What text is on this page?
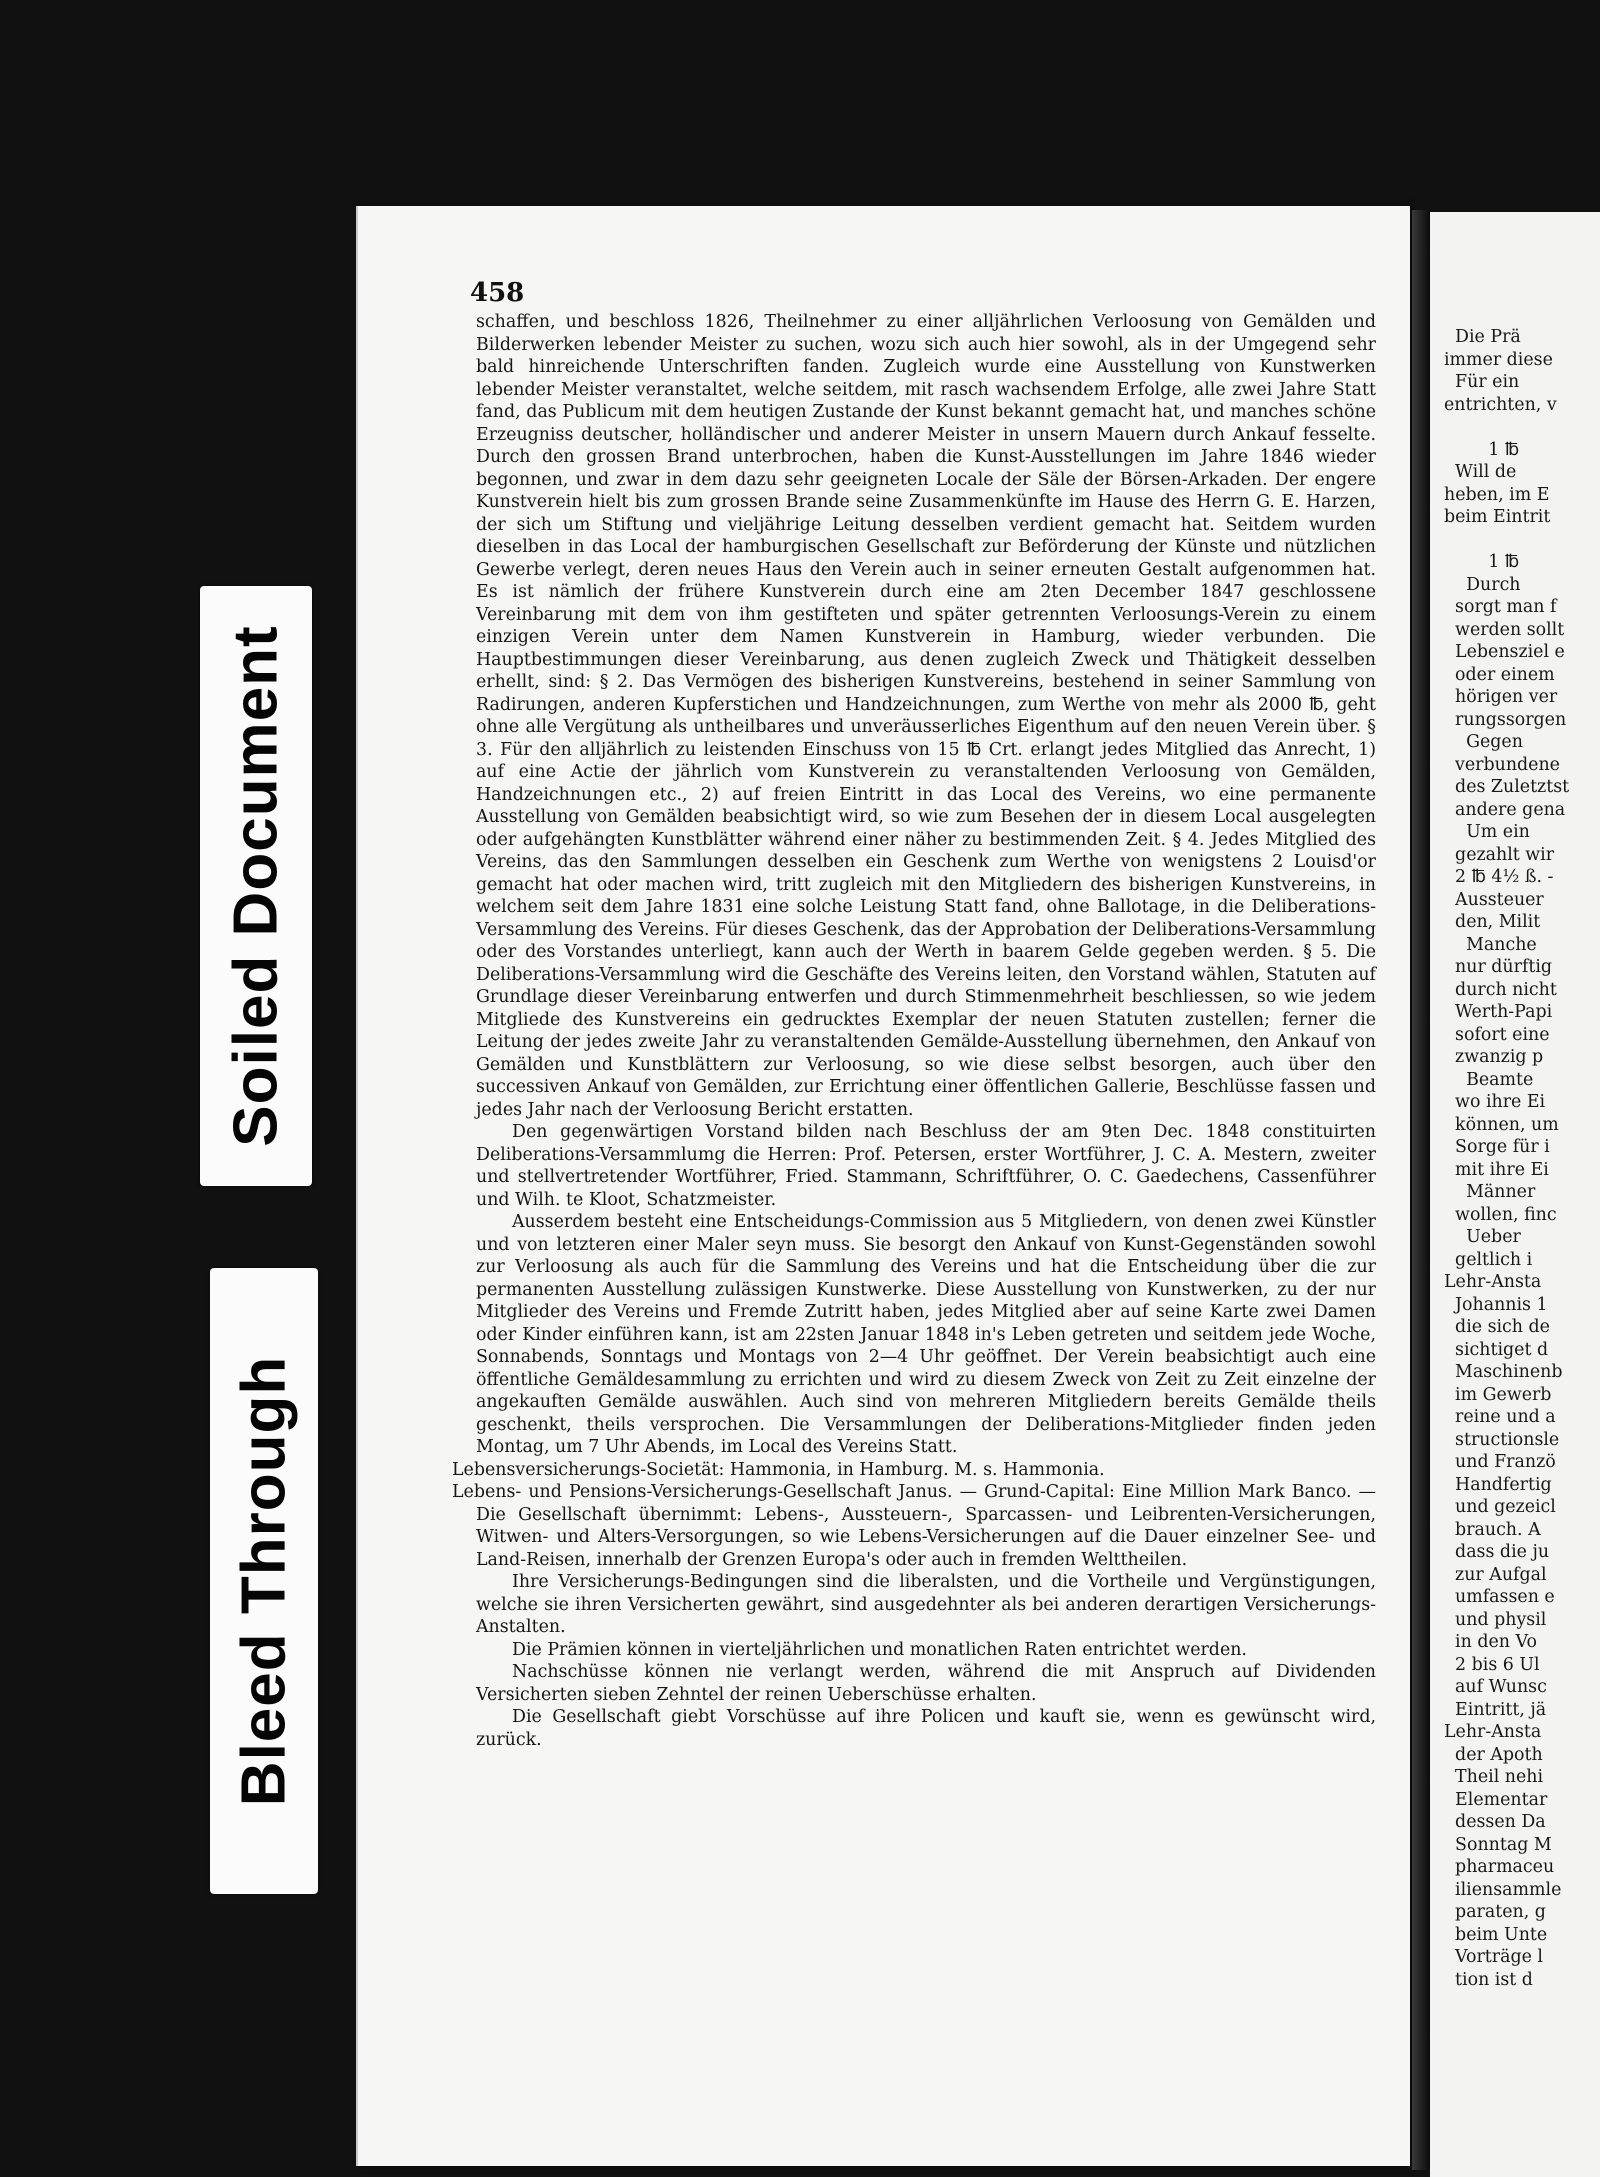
Soiled Document
Bleed Through
458

schaffen, und beschloss 1826, Theilnehmer zu einer alljährlichen Verloosung von Gemälden und Bilderwerken lebender Meister zu suchen, wozu sich auch hier sowohl, als in der Umgegend sehr bald hinreichende Unterschriften fanden. Zugleich wurde eine Ausstellung von Kunstwerken lebender Meister veranstaltet, welche seitdem, mit rasch wachsendem Erfolge, alle zwei Jahre Statt fand, das Publicum mit dem heutigen Zustande der Kunst bekannt gemacht hat, und manches schöne Erzeugniss deutscher, holländischer und anderer Meister in unsern Mauern durch Ankauf fesselte. Durch den grossen Brand unterbrochen, haben die Kunst-Ausstellungen im Jahre 1846 wieder begonnen, und zwar in dem dazu sehr geeigneten Locale der Säle der Börsen-Arkaden. Der engere Kunstverein hielt bis zum grossen Brande seine Zusammenkünfte im Hause des Herrn G. E. Harzen, der sich um Stiftung und vieljährige Leitung desselben verdient gemacht hat. Seitdem wurden dieselben in das Local der hamburgischen Gesellschaft zur Beförderung der Künste und nützlichen Gewerbe verlegt, deren neues Haus den Verein auch in seiner erneuten Gestalt aufgenommen hat. Es ist nämlich der frühere Kunstverein durch eine am 2ten December 1847 geschlossene Vereinbarung mit dem von ihm gestifteten und später getrennten Verloosungs-Verein zu einem einzigen Verein unter dem Namen Kunstverein in Hamburg, wieder verbunden. Die Hauptbestimmungen dieser Vereinbarung, aus denen zugleich Zweck und Thätigkeit desselben erhellt, sind: § 2. Das Vermögen des bisherigen Kunstvereins, bestehend in seiner Sammlung von Radirungen, anderen Kupferstichen und Handzeichnungen, zum Werthe von mehr als 2000 ℔, geht ohne alle Vergütung als untheilbares und unveräusserliches Eigenthum auf den neuen Verein über. § 3. Für den alljährlich zu leistenden Einschuss von 15 ℔ Crt. erlangt jedes Mitglied das Anrecht, 1) auf eine Actie der jährlich vom Kunstverein zu veranstaltenden Verloosung von Gemälden, Handzeichnungen etc., 2) auf freien Eintritt in das Local des Vereins, wo eine permanente Ausstellung von Gemälden beabsichtigt wird, so wie zum Besehen der in diesem Local ausgelegten oder aufgehängten Kunstblätter während einer näher zu bestimmenden Zeit. § 4. Jedes Mitglied des Vereins, das den Sammlungen desselben ein Geschenk zum Werthe von wenigstens 2 Louisd'or gemacht hat oder machen wird, tritt zugleich mit den Mitgliedern des bisherigen Kunstvereins, in welchem seit dem Jahre 1831 eine solche Leistung Statt fand, ohne Ballotage, in die Deliberations-Versammlung des Vereins. Für dieses Geschenk, das der Approbation der Deliberations-Versammlung oder des Vorstandes unterliegt, kann auch der Werth in baarem Gelde gegeben werden. § 5. Die Deliberations-Versammlung wird die Geschäfte des Vereins leiten, den Vorstand wählen, Statuten auf Grundlage dieser Vereinbarung entwerfen und durch Stimmenmehrheit beschliessen, so wie jedem Mitgliede des Kunstvereins ein gedrucktes Exemplar der neuen Statuten zustellen; ferner die Leitung der jedes zweite Jahr zu veranstaltenden Gemälde-Ausstellung übernehmen, den Ankauf von Gemälden und Kunstblättern zur Verloosung, so wie diese selbst besorgen, auch über den successiven Ankauf von Gemälden, zur Errichtung einer öffentlichen Gallerie, Beschlüsse fassen und jedes Jahr nach der Verloosung Bericht erstatten.

Den gegenwärtigen Vorstand bilden nach Beschluss der am 9ten Dec. 1848 constituirten Deliberations-Versammlumg die Herren: Prof. Petersen, erster Wortführer, J. C. A. Mestern, zweiter und stellvertretender Wortführer, Fried. Stammann, Schriftführer, O. C. Gaedechens, Cassenführer und Wilh. te Kloot, Schatzmeister.

Ausserdem besteht eine Entscheidungs-Commission aus 5 Mitgliedern, von denen zwei Künstler und von letzteren einer Maler seyn muss. Sie besorgt den Ankauf von Kunst-Gegenständen sowohl zur Verloosung als auch für die Sammlung des Vereins und hat die Entscheidung über die zur permanenten Ausstellung zulässigen Kunstwerke. Diese Ausstellung von Kunstwerken, zu der nur Mitglieder des Vereins und Fremde Zutritt haben, jedes Mitglied aber auf seine Karte zwei Damen oder Kinder einführen kann, ist am 22sten Januar 1848 in's Leben getreten und seitdem jede Woche, Sonnabends, Sonntags und Montags von 2—4 Uhr geöffnet. Der Verein beabsichtigt auch eine öffentliche Gemäldesammlung zu errichten und wird zu diesem Zweck von Zeit zu Zeit einzelne der angekauften Gemälde auswählen. Auch sind von mehreren Mitgliedern bereits Gemälde theils geschenkt, theils versprochen. Die Versammlungen der Deliberations-Mitglieder finden jeden Montag, um 7 Uhr Abends, im Local des Vereins Statt.

Lebensversicherungs-Societät: Hammonia, in Hamburg. M. s. Hammonia.

Lebens- und Pensions-Versicherungs-Gesellschaft Janus. — Grund-Capital: Eine Million Mark Banco. — Die Gesellschaft übernimmt: Lebens-, Aussteuern-, Sparcassen- und Leibrenten-Versicherungen, Witwen- und Alters-Versorgungen, so wie Lebens-Versicherungen auf die Dauer einzelner See- und Land-Reisen, innerhalb der Grenzen Europa's oder auch in fremden Welttheilen.

Ihre Versicherungs-Bedingungen sind die liberalsten, und die Vortheile und Vergünstigungen, welche sie ihren Versicherten gewährt, sind ausgedehnter als bei anderen derartigen Versicherungs-Anstalten.

Die Prämien können in vierteljährlichen und monatlichen Raten entrichtet werden.

Nachschüsse können nie verlangt werden, während die mit Anspruch auf Dividenden Versicherten sieben Zehntel der reinen Ueberschüsse erhalten.

Die Gesellschaft giebt Vorschüsse auf ihre Policen und kauft sie, wenn es gewünscht wird, zurück.

Die Prä
immer diese
Für ein
entrichten, v
1 ℔
Will de
heben, im E
beim Eintrit
1 ℔
Durch
sorgt man f
werden sollt
Lebensziel e
oder einem
hörigen ver
rungssorgen
Gegen
verbundene
des Zuletztst
andere gena
Um ein
gezahlt wir
2 ℔ 4½ ß. -
Aussteuer
den, Milit
Manche
nur dürftig
durch nicht
Werth-Papi
sofort eine
zwanzig p
Beamte
wo ihre Ei
können, um
Sorge für i
mit ihre Ei
Männer
wollen, finc
Ueber
geltlich i
Lehr-Ansta
Johannis 1
die sich de
sichtiget d
Maschinenb
im Gewerb
reine und a
structionsle
und Franzö
Handfertig
und gezeicl
brauch. A
dass die ju
zur Aufgal
umfassen e
und physil
in den Vo
2 bis 6 Ul
auf Wunsc
Eintritt, jä
Lehr-Ansta
der Apoth
Theil nehi
Elementar
dessen Da
Sonntag M
pharmaceu
iliensammle
paraten, g
beim Unte
Vorträge l
tion ist d
